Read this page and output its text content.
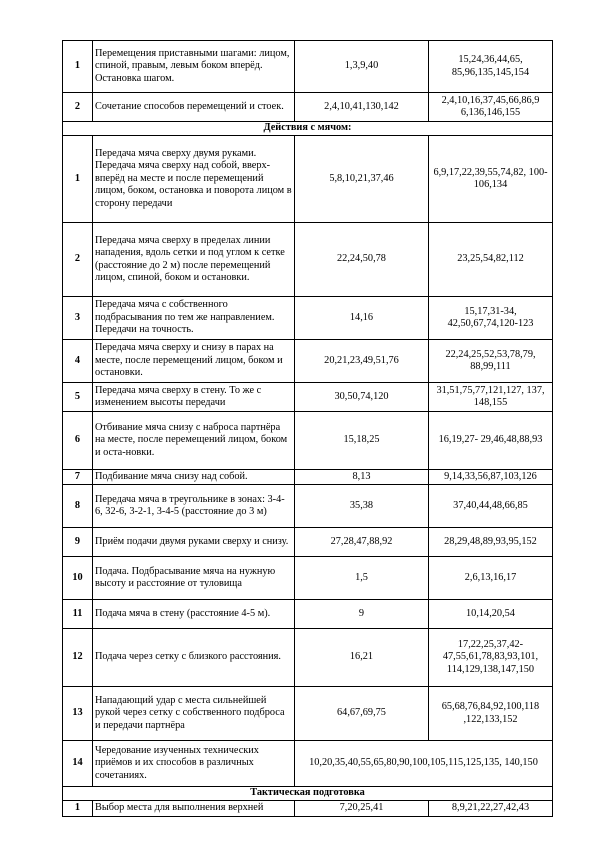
1	Перемещения приставными шагами: лицом, спиной, правым, левым боком вперёд. Остановка шагом.	1,3,9,40	15,24,36,44,65, 85,96,135,145,154
2	Сочетание способов перемещений и стоек.	2,4,10,41,130,142	2,4,10,16,37,45,66,86,9 6,136,146,155
Действия с мячом:			
1	Передача мяча сверху двумя руками. Передача мяча сверху над собой, вверх-вперёд на месте и после перемещений лицом, боком, остановка и поворота лицом в сторону передачи	5,8,10,21,37,46	6,9,17,22,39,55,74,82, 100-106,134
2	Передача мяча сверху в пределах линии нападения, вдоль сетки и под углом к сетке (расстояние до 2 м) после перемещений лицом, спиной, боком и остановки.	22,24,50,78	23,25,54,82,112
3	Передача мяча с собственного подбрасывания по тем же направлением. Передачи на точность.	14,16	15,17,31-34, 42,50,67,74,120-123
4	Передача мяча сверху и снизу в парах на месте, после перемещений лицом, боком и остановки.	20,21,23,49,51,76	22,24,25,52,53,78,79, 88,99,111
5	Передача мяча сверху в стену. То же с изменением высоты передачи	30,50,74,120	31,51,75,77,121,127, 137, 148,155
6	Отбивание мяча снизу с наброса партнёра на месте, после перемещений лицом, боком и оста-новки.	15,18,25	16,19,27- 29,46,48,88,93
7	Подбивание мяча снизу над собой.	8,13	9,14,33,56,87,103,126
8	Передача мяча в треугольнике в зонах: 3-4-6, 32-6, 3-2-1, 3-4-5 (расстояние до 3 м)	35,38	37,40,44,48,66,85
9	Приём подачи двумя руками сверху и снизу.	27,28,47,88,92	28,29,48,89,93,95,152
10	Подача. Подбрасывание мяча на нужную высоту и расстояние от туловища	1,5	2,6,13,16,17
11	Подача мяча в стену (расстояние 4-5 м).	9	10,14,20,54
12	Подача через сетку с близкого расстояния.	16,21	17,22,25,37,42- 47,55,61,78,83,93,101, 114,129,138,147,150
13	Нападающий удар с места сильнейшей рукой через сетку с собственного подброса и передачи партнёра	64,67,69,75	65,68,76,84,92,100,118 ,122,133,152
14	Чередование изученных технических приёмов и их способов в различных сочетаниях.	10,20,35,40,55,65,80,90,100,105,115,125,135, 140,150	
Тактическая подготовка			
1	Выбор места для выполнения верхней	7,20,25,41	8,9,21,22,27,42,43
